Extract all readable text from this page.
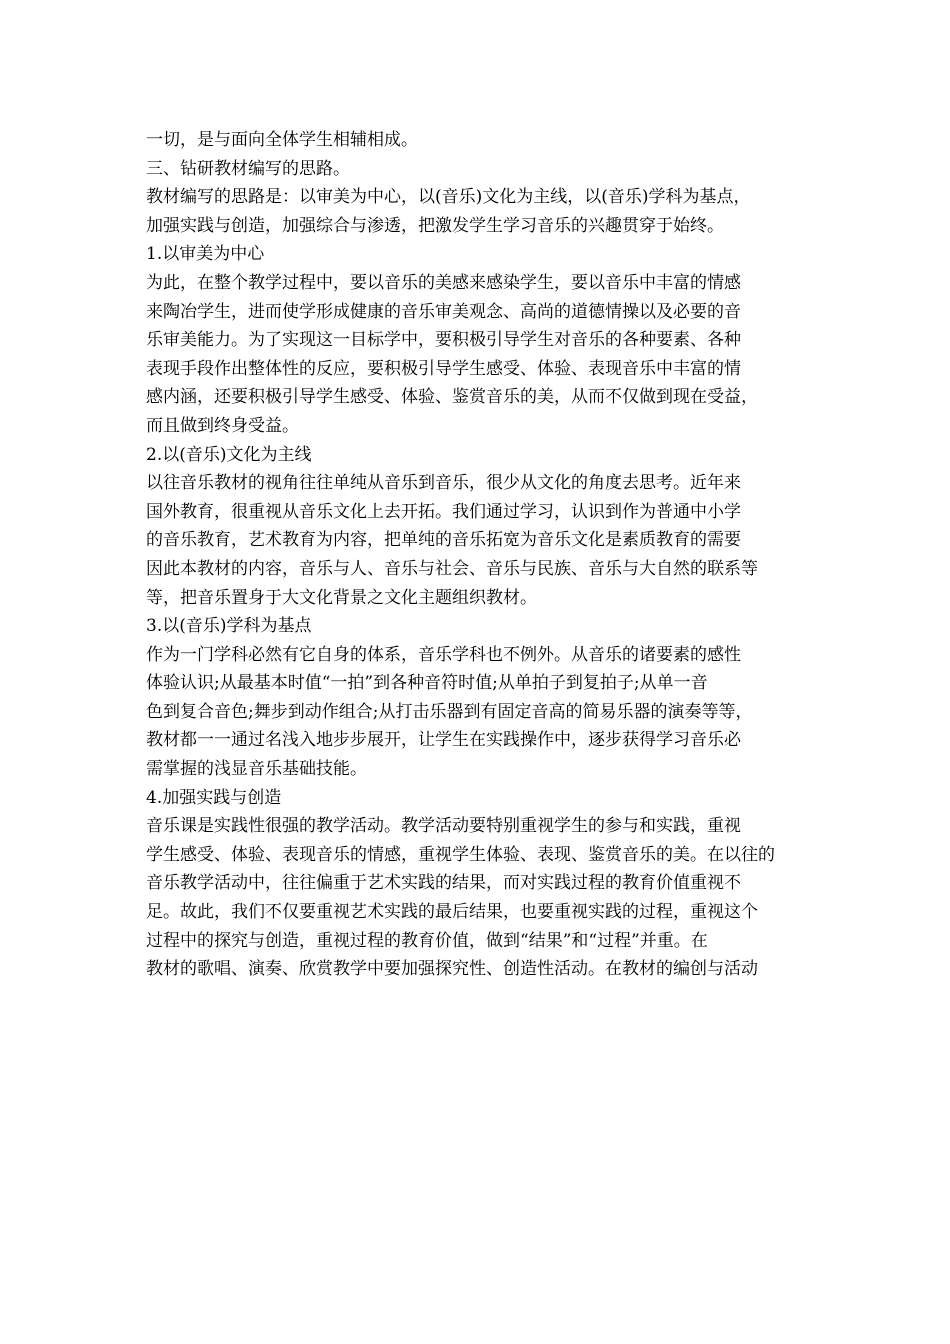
一切，是与面向全体学生相辅相成。
三、钻研教材编写的思路。
教材编写的思路是：以审美为中心，以(音乐)文化为主线，以(音乐)学科为基点，
加强实践与创造，加强综合与渗透，把激发学生学习音乐的兴趣贯穿于始终。
1.以审美为中心
为此，在整个教学过程中，要以音乐的美感来感染学生，要以音乐中丰富的情感
来陶冶学生，进而使学形成健康的音乐审美观念、高尚的道德情操以及必要的音
乐审美能力。为了实现这一目标学中，要积极引导学生对音乐的各种要素、各种
表现手段作出整体性的反应，要积极引导学生感受、体验、表现音乐中丰富的情
感内涵，还要积极引导学生感受、体验、鉴赏音乐的美，从而不仅做到现在受益，
而且做到终身受益。
2.以(音乐)文化为主线
以往音乐教材的视角往往单纯从音乐到音乐，很少从文化的角度去思考。近年来
国外教育，很重视从音乐文化上去开拓。我们通过学习，认识到作为普通中小学
的音乐教育，艺术教育为内容，把单纯的音乐拓宽为音乐文化是素质教育的需要
因此本教材的内容，音乐与人、音乐与社会、音乐与民族、音乐与大自然的联系等
等，把音乐置身于大文化背景之文化主题组织教材。
3.以(音乐)学科为基点
作为一门学科必然有它自身的体系，音乐学科也不例外。从音乐的诸要素的感性
体验认识;从最基本时值“一拍”到各种音符时值;从单拍子到复拍子;从单一音
色到复合音色;舞步到动作组合;从打击乐器到有固定音高的简易乐器的演奏等等，
教材都一一通过名浅入地步步展开，让学生在实践操作中，逐步获得学习音乐必
需掌握的浅显音乐基础技能。
4.加强实践与创造
音乐课是实践性很强的教学活动。教学活动要特别重视学生的参与和实践，重视
学生感受、体验、表现音乐的情感，重视学生体验、表现、鉴赏音乐的美。在以往的
音乐教学活动中，往往偏重于艺术实践的结果，而对实践过程的教育价值重视不
足。故此，我们不仅要重视艺术实践的最后结果，也要重视实践的过程，重视这个
过程中的探究与创造，重视过程的教育价值，做到“结果”和“过程”并重。在
教材的歌唱、演奏、欣赏教学中要加强探究性、创造性活动。在教材的编创与活动
